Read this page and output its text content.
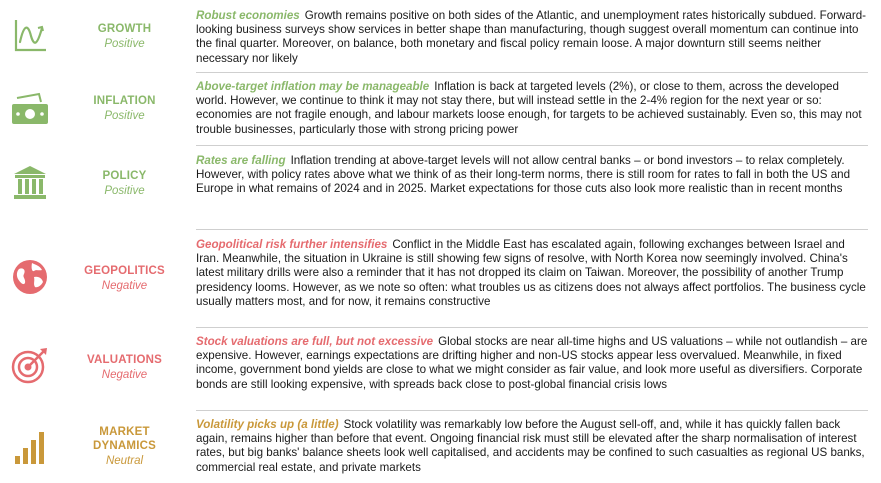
GROWTH
Positive
Robust economies Growth remains positive on both sides of the Atlantic, and unemployment rates historically subdued. Forward-looking business surveys show services in better shape than manufacturing, though suggest overall momentum can continue into the final quarter. Moreover, on balance, both monetary and fiscal policy remain loose. A major downturn still seems neither necessary nor likely
INFLATION
Positive
Above-target inflation may be manageable Inflation is back at targeted levels (2%), or close to them, across the developed world. However, we continue to think it may not stay there, but will instead settle in the 2-4% region for the next year or so: economies are not fragile enough, and labour markets loose enough, for targets to be achieved sustainably. Even so, this may not trouble businesses, particularly those with strong pricing power
POLICY
Positive
Rates are falling Inflation trending at above-target levels will not allow central banks – or bond investors – to relax completely. However, with policy rates above what we think of as their long-term norms, there is still room for rates to fall in both the US and Europe in what remains of 2024 and in 2025. Market expectations for those cuts also look more realistic than in recent months
GEOPOLITICS
Negative
Geopolitical risk further intensifies Conflict in the Middle East has escalated again, following exchanges between Israel and Iran. Meanwhile, the situation in Ukraine is still showing few signs of resolve, with North Korea now seemingly involved. China's latest military drills were also a reminder that it has not dropped its claim on Taiwan. Moreover, the possibility of another Trump presidency looms. However, as we note so often: what troubles us as citizens does not always affect portfolios. The business cycle usually matters most, and for now, it remains constructive
VALUATIONS
Negative
Stock valuations are full, but not excessive Global stocks are near all-time highs and US valuations – while not outlandish – are expensive. However, earnings expectations are drifting higher and non-US stocks appear less overvalued. Meanwhile, in fixed income, government bond yields are close to what we might consider as fair value, and look more useful as diversifiers. Corporate bonds are still looking expensive, with spreads back close to post-global financial crisis lows
MARKET
DYNAMICS
Neutral
Volatility picks up (a little) Stock volatility was remarkably low before the August sell-off, and, while it has quickly fallen back again, remains higher than before that event. Ongoing financial risk must still be elevated after the sharp normalisation of interest rates, but big banks' balance sheets look well capitalised, and accidents may be confined to such casualties as regional US banks, commercial real estate, and private markets
